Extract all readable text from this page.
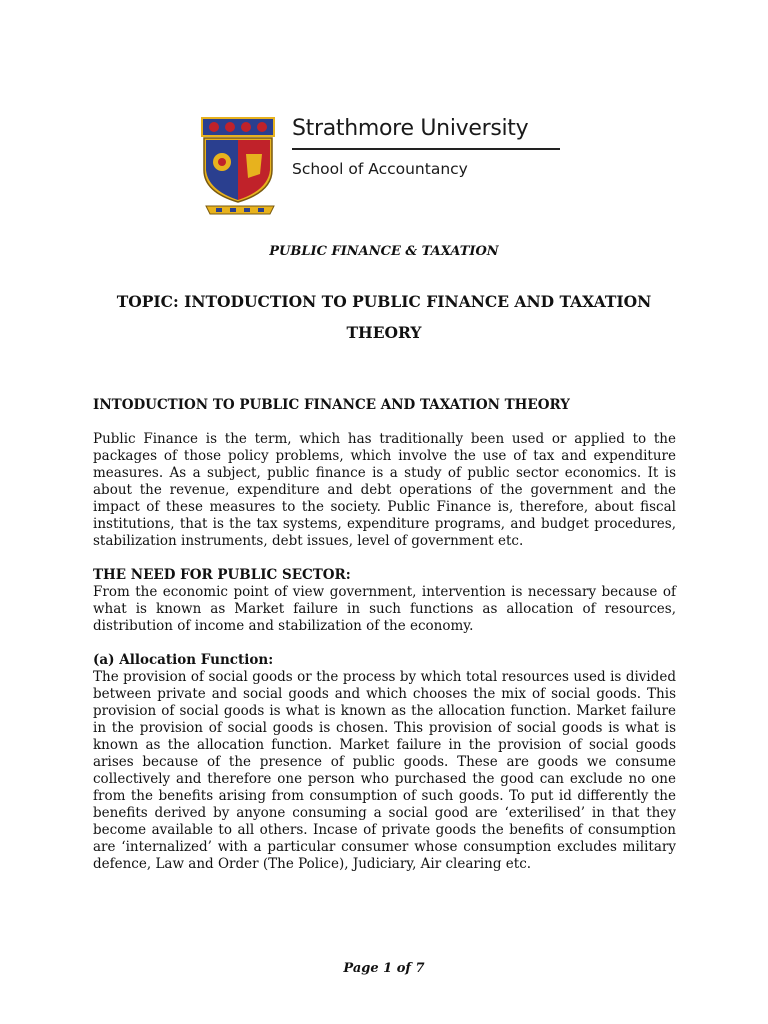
Strathmore University
School of Accountancy
PUBLIC FINANCE & TAXATION
TOPIC: INTODUCTION TO PUBLIC FINANCE AND TAXATION THEORY
INTODUCTION TO PUBLIC FINANCE AND TAXATION THEORY

Public Finance is the term, which has traditionally been used or applied to the packages of those policy problems, which involve the use of tax and expenditure measures. As a subject, public finance is a study of public sector economics. It is about the revenue, expenditure and debt operations of the government and the impact of these measures to the society. Public Finance is, therefore, about fiscal institutions, that is the tax systems, expenditure programs, and budget procedures, stabilization instruments, debt issues, level of government etc.

THE NEED FOR PUBLIC SECTOR:

From the economic point of view government, intervention is necessary because of what is known as Market failure in such functions as allocation of resources, distribution of income and stabilization of the economy.

(a) Allocation Function:

The provision of social goods or the process by which total resources used is divided between private and social goods and which chooses the mix of social goods. This provision of social goods is what is known as the allocation function. Market failure in the provision of social goods is chosen. This provision of social goods is what is known as the allocation function. Market failure in the provision of social goods arises because of the presence of public goods. These are goods we consume collectively and therefore one person who purchased the good can exclude no one from the benefits arising from consumption of such goods. To put id differently the benefits derived by anyone consuming a social good are ‘exterilised’ in that they become available to all others. Incase of private goods the benefits of consumption are ‘internalized’ with a particular consumer whose consumption excludes military defence, Law and Order (The Police), Judiciary, Air clearing etc.

Page 1 of 7
